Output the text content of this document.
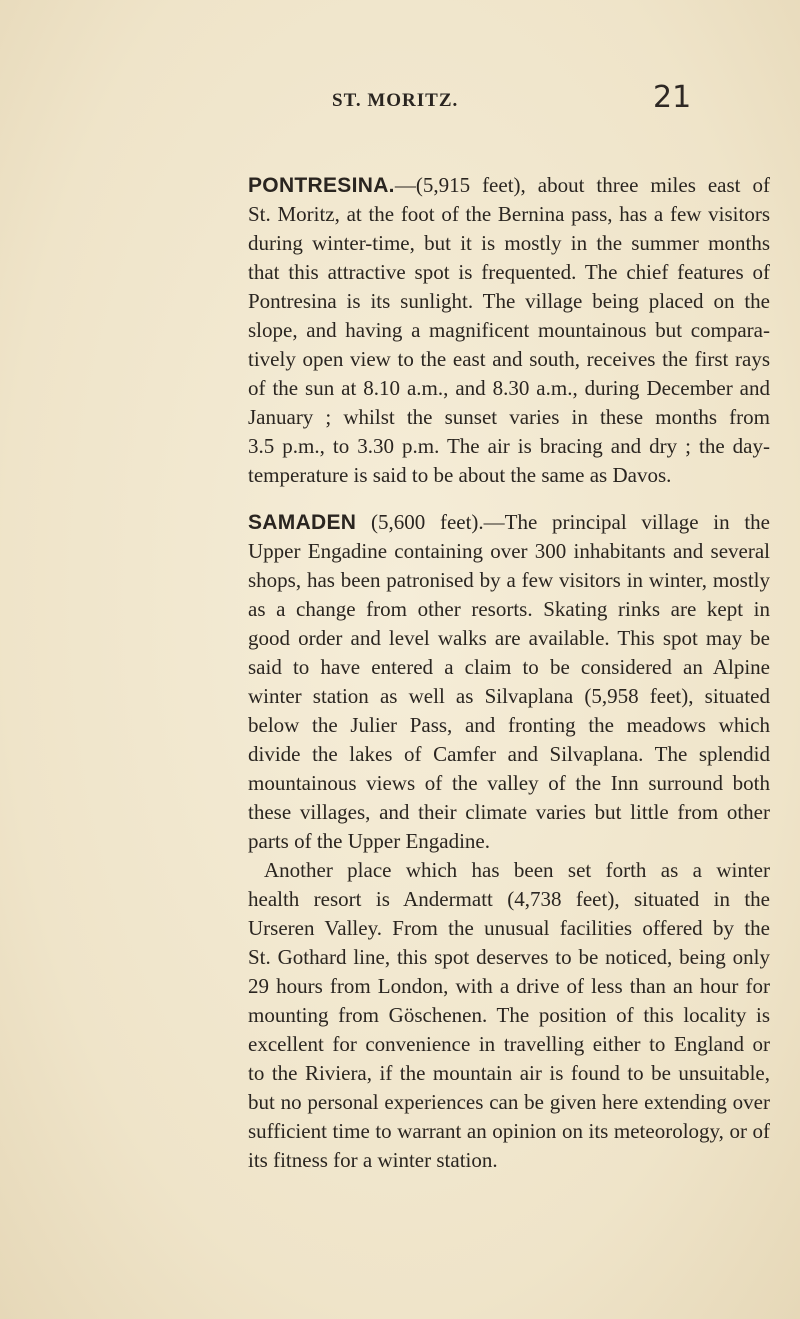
ST. MORITZ.	21
PONTRESINA.—(5,915 feet), about three miles east of
St. Moritz, at the foot of the Bernina pass, has a few visitors
during winter-time, but it is mostly in the summer months
that this attractive spot is frequented. The chief features of
Pontresina is its sunlight. The village being placed on the
slope, and having a magnificent mountainous but compara-
tively open view to the east and south, receives the first rays
of the sun at 8.10 a.m., and 8.30 a.m., during December and
January ; whilst the sunset varies in these months from
3.5 p.m., to 3.30 p.m. The air is bracing and dry ; the day-
temperature is said to be about the same as Davos.
SAMADEN (5,600 feet).—The principal village in the
Upper Engadine containing over 300 inhabitants and several
shops, has been patronised by a few visitors in winter, mostly
as a change from other resorts. Skating rinks are kept in
good order and level walks are available. This spot may be
said to have entered a claim to be considered an Alpine
winter station as well as Silvaplana (5,958 feet), situated
below the Julier Pass, and fronting the meadows which
divide the lakes of Camfer and Silvaplana. The splendid
mountainous views of the valley of the Inn surround both
these villages, and their climate varies but little from other
parts of the Upper Engadine.
Another place which has been set forth as a winter
health resort is Andermatt (4,738 feet), situated in the
Urseren Valley. From the unusual facilities offered by the
St. Gothard line, this spot deserves to be noticed, being only
29 hours from London, with a drive of less than an hour for
mounting from Göschenen. The position of this locality is
excellent for convenience in travelling either to England or
to the Riviera, if the mountain air is found to be unsuitable,
but no personal experiences can be given here extending over
sufficient time to warrant an opinion on its meteorology, or of
its fitness for a winter station.
